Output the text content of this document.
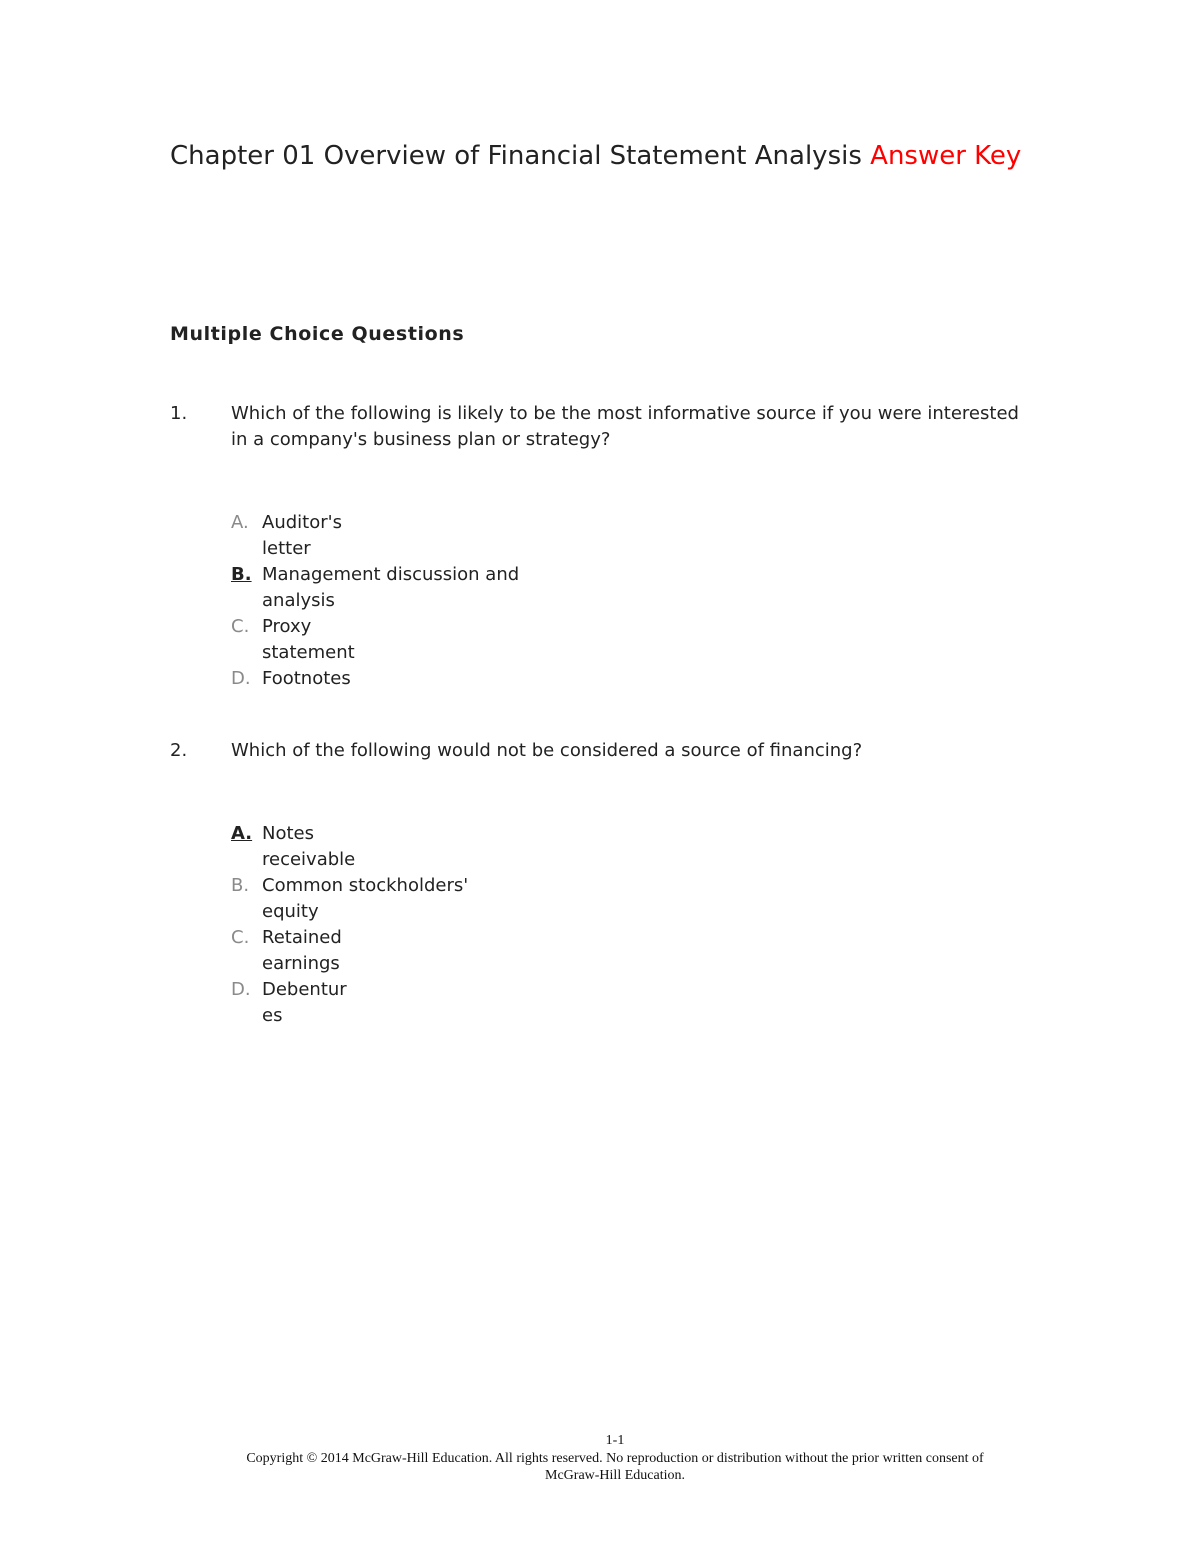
Chapter 01 Overview of Financial Statement Analysis Answer Key
Multiple Choice Questions
1. Which of the following is likely to be the most informative source if you were interested in a company's business plan or strategy?
A. Auditor's letter
B. Management discussion and analysis
C. Proxy statement
D. Footnotes
2. Which of the following would not be considered a source of financing?
A. Notes receivable
B. Common stockholders' equity
C. Retained earnings
D. Debentures
1-1
Copyright © 2014 McGraw-Hill Education. All rights reserved. No reproduction or distribution without the prior written consent of
McGraw-Hill Education.
